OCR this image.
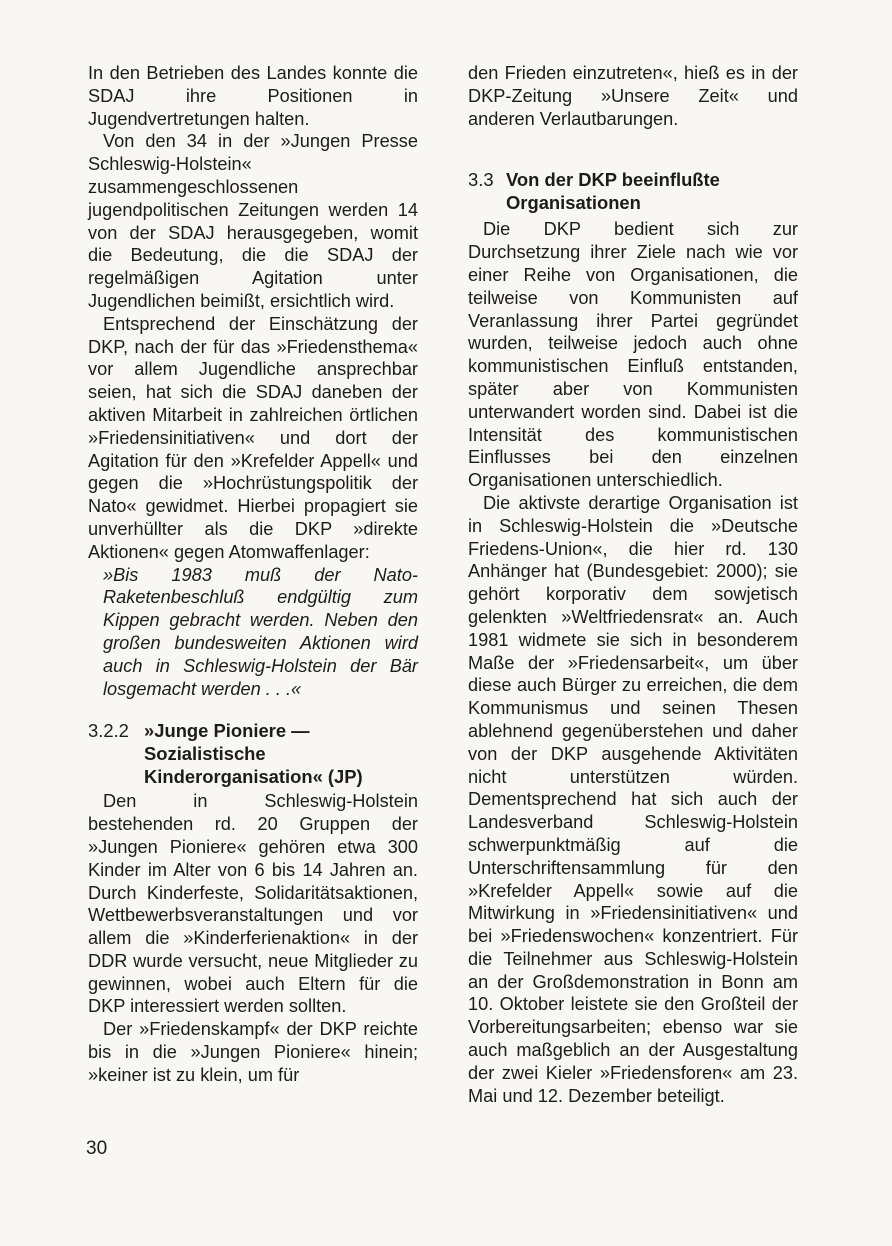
In den Betrieben des Landes konnte die SDAJ ihre Positionen in Jugendvertretungen halten.

Von den 34 in der »Jungen Presse Schleswig-Holstein« zusammengeschlossenen jugendpolitischen Zeitungen werden 14 von der SDAJ herausgegeben, womit die Bedeutung, die die SDAJ der regelmäßigen Agitation unter Jugendlichen beimißt, ersichtlich wird.

Entsprechend der Einschätzung der DKP, nach der für das »Friedensthema« vor allem Jugendliche ansprechbar seien, hat sich die SDAJ daneben der aktiven Mitarbeit in zahlreichen örtlichen »Friedensinitiativen« und dort der Agitation für den »Krefelder Appell« und gegen die »Hochrüstungspolitik der Nato« gewidmet. Hierbei propagiert sie unverhüllter als die DKP »direkte Aktionen« gegen Atomwaffenlager:

»Bis 1983 muß der Nato-Raketenbeschluß endgültig zum Kippen gebracht werden. Neben den großen bundesweiten Aktionen wird auch in Schleswig-Holstein der Bär losgemacht werden . . .«

3.2.2 »Junge Pioniere — Sozialistische Kinderorganisation« (JP)

Den in Schleswig-Holstein bestehenden rd. 20 Gruppen der »Jungen Pioniere« gehören etwa 300 Kinder im Alter von 6 bis 14 Jahren an. Durch Kinderfeste, Solidaritätsaktionen, Wettbewerbsveranstaltungen und vor allem die »Kinderferienaktion« in der DDR wurde versucht, neue Mitglieder zu gewinnen, wobei auch Eltern für die DKP interessiert werden sollten.

Der »Friedenskampf« der DKP reichte bis in die »Jungen Pioniere« hinein; »keiner ist zu klein, um für

den Frieden einzutreten«, hieß es in der DKP-Zeitung »Unsere Zeit« und anderen Verlautbarungen.

3.3 Von der DKP beeinflußte Organisationen

Die DKP bedient sich zur Durchsetzung ihrer Ziele nach wie vor einer Reihe von Organisationen, die teilweise von Kommunisten auf Veranlassung ihrer Partei gegründet wurden, teilweise jedoch auch ohne kommunistischen Einfluß entstanden, später aber von Kommunisten unterwandert worden sind. Dabei ist die Intensität des kommunistischen Einflusses bei den einzelnen Organisationen unterschiedlich.

Die aktivste derartige Organisation ist in Schleswig-Holstein die »Deutsche Friedens-Union«, die hier rd. 130 Anhänger hat (Bundesgebiet: 2000); sie gehört korporativ dem sowjetisch gelenkten »Weltfriedensrat« an. Auch 1981 widmete sie sich in besonderem Maße der »Friedensarbeit«, um über diese auch Bürger zu erreichen, die dem Kommunismus und seinen Thesen ablehnend gegenüberstehen und daher von der DKP ausgehende Aktivitäten nicht unterstützen würden. Dementsprechend hat sich auch der Landesverband Schleswig-Holstein schwerpunktmäßig auf die Unterschriftensammlung für den »Krefelder Appell« sowie auf die Mitwirkung in »Friedensinitiativen« und bei »Friedenswochen« konzentriert. Für die Teilnehmer aus Schleswig-Holstein an der Großdemonstration in Bonn am 10. Oktober leistete sie den Großteil der Vorbereitungsarbeiten; ebenso war sie auch maßgeblich an der Ausgestaltung der zwei Kieler »Friedensforen« am 23. Mai und 12. Dezember beteiligt.

30
